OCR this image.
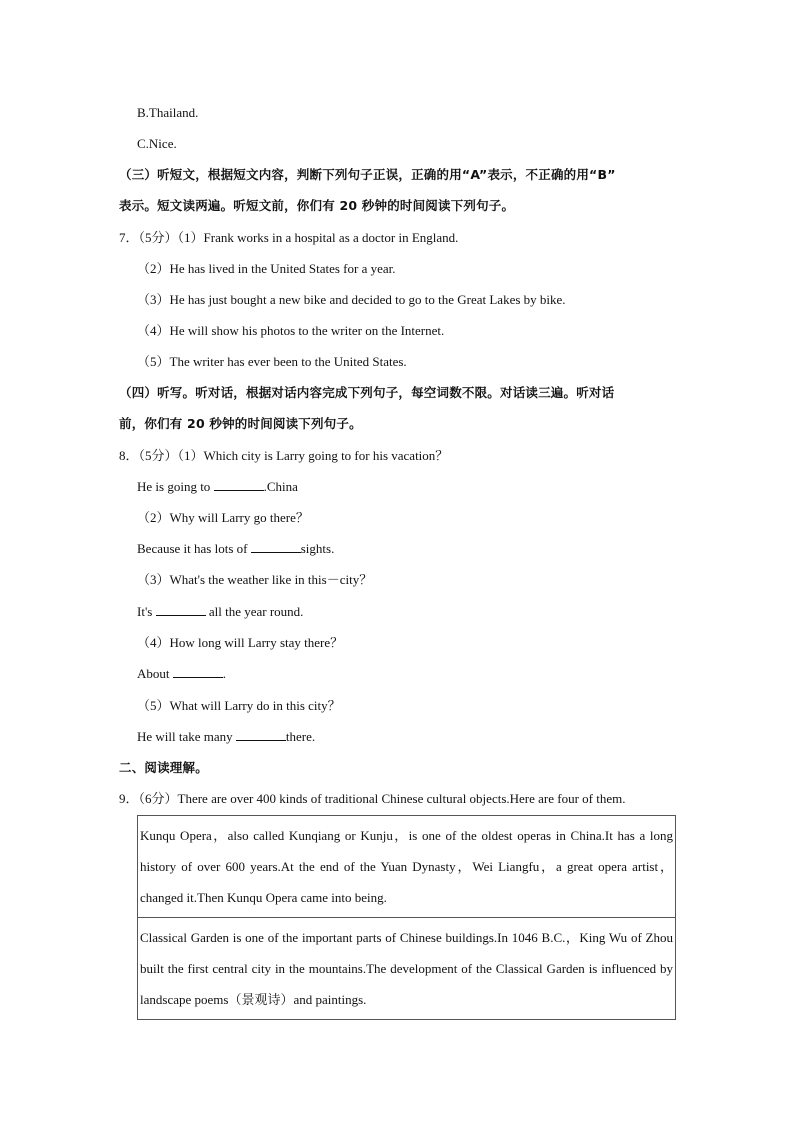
B.Thailand.
C.Nice.
（三）听短文，根据短文内容，判断下列句子正误，正确的用“A”表示，不正确的用“B”
表示。短文读两遍。听短文前，你们有 20 秒钟的时间阅读下列句子。
7．（5分）（1）Frank works in a hospital as a doctor in England.
（2）He has lived in the United States for a year.
（3）He has just bought a new bike and decided to go to the Great Lakes by bike.
（4）He will show his photos to the writer on the Internet.
（5）The writer has ever been to the United States.
（四）听写。听对话，根据对话内容完成下列句子，每空词数不限。对话读三遍。听对话
前，你们有 20 秒钟的时间阅读下列句子。
8．（5分）（1）Which city is Larry going to for his vacation？
He is going to	.China
（2）Why will Larry go there？
Because it has lots of	sights.
（3）What's the weather like in this－city？
It's	all the year round.
（4）How long will Larry stay there？
About	.
（5）What will Larry do in this city？
He will take many	there.
二、阅读理解。
9．（6分）There are over 400 kinds of traditional Chinese cultural objects.Here are four of them.
Kunqu Opera，also called Kunqiang or Kunju，is one of the oldest operas in China.It has a long history of over 600 years.At the end of the Yuan Dynasty，Wei Liangfu，a great opera artist，changed it.Then Kunqu Opera came into being.
Classical Garden is one of the important parts of Chinese buildings.In 1046 B.C.，King Wu of Zhou built the first central city in the mountains.The development of the Classical Garden is influenced by landscape poems（景观诗）and paintings.
